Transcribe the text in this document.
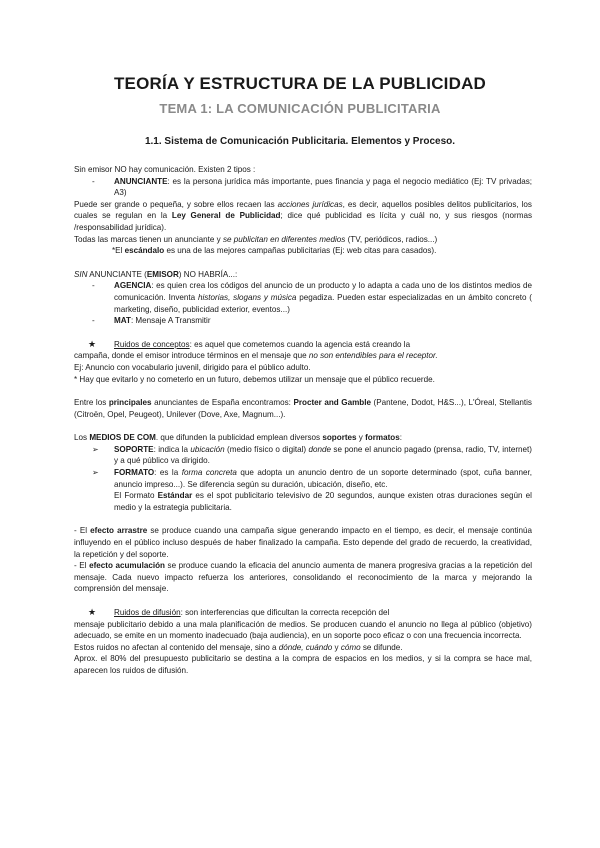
TEORÍA Y ESTRUCTURA DE LA PUBLICIDAD
TEMA 1: LA COMUNICACIÓN PUBLICITARIA
1.1. Sistema de Comunicación Publicitaria. Elementos y Proceso.

Sin emisor NO hay comunicación. Existen 2 tipos :

-	ANUNCIANTE: es la persona jurídica más importante, pues financia y paga el negocio mediático (Ej: TV privadas; A3)

Puede ser grande o pequeña, y sobre ellos recaen las acciones jurídicas, es decir, aquellos posibles delitos publicitarios, los cuales se regulan en la Ley General de Publicidad; dice qué publicidad es lícita y cuál no, y sus riesgos (normas /responsabilidad jurídica).

Todas las marcas tienen un anunciante y se publicitan en diferentes medios (TV, periódicos, radios...)

*El escándalo es una de las mejores campañas publicitarias (Ej: web citas para casados).

SIN ANUNCIANTE (EMISOR) NO HABRÍA...:

-	AGENCIA: es quien crea los códigos del anuncio de un producto y lo adapta a cada uno de los distintos medios de comunicación. Inventa historias, slogans y música pegadiza. Pueden estar especializadas en un ámbito concreto ( marketing, diseño, publicidad exterior, eventos...)
-	MAT: Mensaje A Transmitir
★	Ruidos de conceptos: es aquel que cometemos cuando la agencia está creando la

campaña, donde el emisor introduce términos en el mensaje que no son entendibles para el receptor.

Ej: Anuncio con vocabulario juvenil, dirigido para el público adulto.

* Hay que evitarlo y no cometerlo en un futuro, debemos utilizar un mensaje que el público recuerde.

Entre los principales anunciantes de España encontramos: Procter and Gamble (Pantene, Dodot, H&S...), L'Óreal, Stellantis (Citroën, Opel, Peugeot), Unilever (Dove, Axe, Magnum...).

Los MEDIOS DE COM. que difunden la publicidad emplean diversos soportes y formatos:

➢	SOPORTE: indica la ubicación (medio físico o digital) donde se pone el anuncio pagado (prensa, radio, TV, internet) y a qué público va dirigido.
➢	FORMATO: es la forma concreta que adopta un anuncio dentro de un soporte determinado (spot, cuña banner, anuncio impreso...). Se diferencia según su duración, ubicación, diseño, etc.

El Formato Estándar es el spot publicitario televisivo de 20 segundos, aunque existen otras duraciones según el medio y la estrategia publicitaria.

- El efecto arrastre se produce cuando una campaña sigue generando impacto en el tiempo, es decir, el mensaje continúa influyendo en el público incluso después de haber finalizado la campaña. Esto depende del grado de recuerdo, la creatividad, la repetición y del soporte.

- El efecto acumulación se produce cuando la eficacia del anuncio aumenta de manera progresiva gracias a la repetición del mensaje. Cada nuevo impacto refuerza los anteriores, consolidando el reconocimiento de la marca y mejorando la comprensión del mensaje.

★	Ruidos de difusión: son interferencias que dificultan la correcta recepción del

mensaje publicitario debido a una mala planificación de medios. Se producen cuando el anuncio no llega al público (objetivo) adecuado, se emite en un momento inadecuado (baja audiencia), en un soporte poco eficaz o con una frecuencia incorrecta.

Estos ruidos no afectan al contenido del mensaje, sino a dónde, cuándo y cómo se difunde.

Aprox. el 80% del presupuesto publicitario se destina a la compra de espacios en los medios, y si la compra se hace mal, aparecen los ruidos de difusión.
